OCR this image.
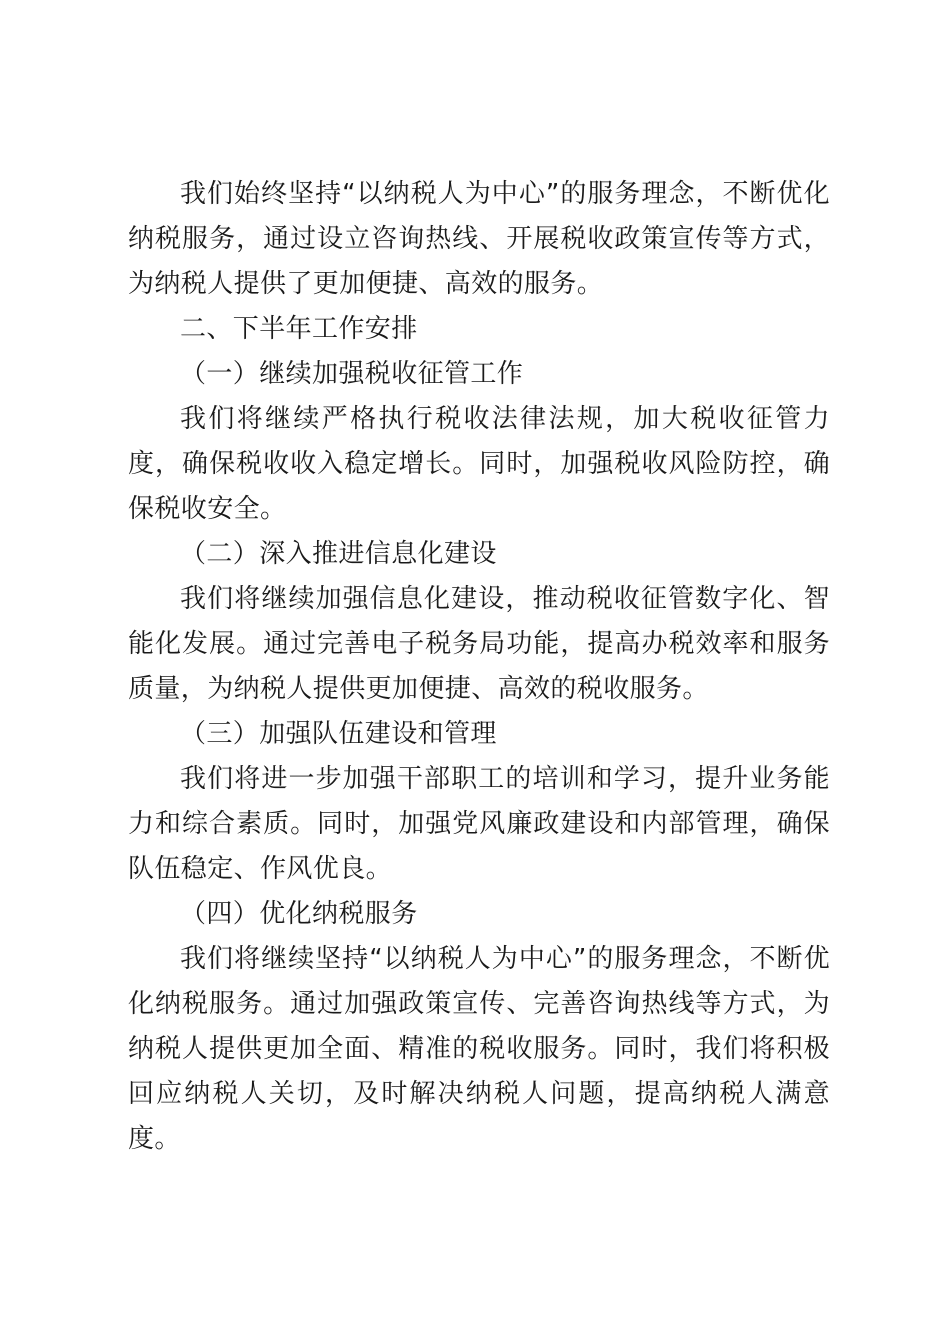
我们始终坚持“以纳税人为中心”的服务理念，不断优化纳税服务，通过设立咨询热线、开展税收政策宣传等方式，为纳税人提供了更加便捷、高效的服务。

二、下半年工作安排

（一）继续加强税收征管工作

我们将继续严格执行税收法律法规，加大税收征管力度，确保税收收入稳定增长。同时，加强税收风险防控，确保税收安全。

（二）深入推进信息化建设

我们将继续加强信息化建设，推动税收征管数字化、智能化发展。通过完善电子税务局功能，提高办税效率和服务质量，为纳税人提供更加便捷、高效的税收服务。

（三）加强队伍建设和管理

我们将进一步加强干部职工的培训和学习，提升业务能力和综合素质。同时，加强党风廉政建设和内部管理，确保队伍稳定、作风优良。

（四）优化纳税服务

我们将继续坚持“以纳税人为中心”的服务理念，不断优化纳税服务。通过加强政策宣传、完善咨询热线等方式，为纳税人提供更加全面、精准的税收服务。同时，我们将积极回应纳税人关切，及时解决纳税人问题，提高纳税人满意度。
